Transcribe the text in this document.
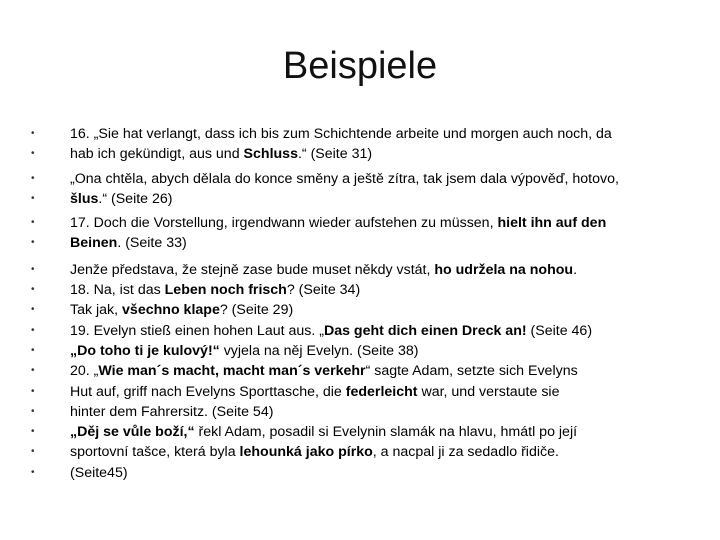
Beispiele
• 16. „Sie hat verlangt, dass ich bis zum Schichtende arbeite und morgen auch noch, da
• hab ich gekündigt, aus und Schluss.“ (Seite 31)
• „Ona chtěla, abych dělala do konce směny a ještě zítra, tak jsem dala výpověď, hotovo,
• šlus.“ (Seite 26)
• 17. Doch die Vorstellung, irgendwann wieder aufstehen zu müssen, hielt ihn auf den
• Beinen. (Seite 33)
• Jenže představa, že stejně zase bude muset někdy vstát, ho udržela na nohou.
• 18. Na, ist das Leben noch frisch? (Seite 34)
• Tak jak, všechno klape? (Seite 29)
• 19. Evelyn stieß einen hohen Laut aus. „Das geht dich einen Dreck an! (Seite 46)
• „Do toho ti je kulový!“ vyjela na něj Evelyn. (Seite 38)
• 20. „Wie man´s macht, macht man´s verkehr“ sagte Adam, setzte sich Evelyns
• Hut auf, griff nach Evelyns Sporttasche, die federleicht war, und verstaute sie
• hinter dem Fahrersitz. (Seite 54)
• „Děj se vůle boží,“ řekl Adam, posadil si Evelynin slamák na hlavu, hmátl po její
• sportovní tašce, která byla lehounká jako pírko, a nacpal ji za sedadlo řidiče.
• (Seite45)
